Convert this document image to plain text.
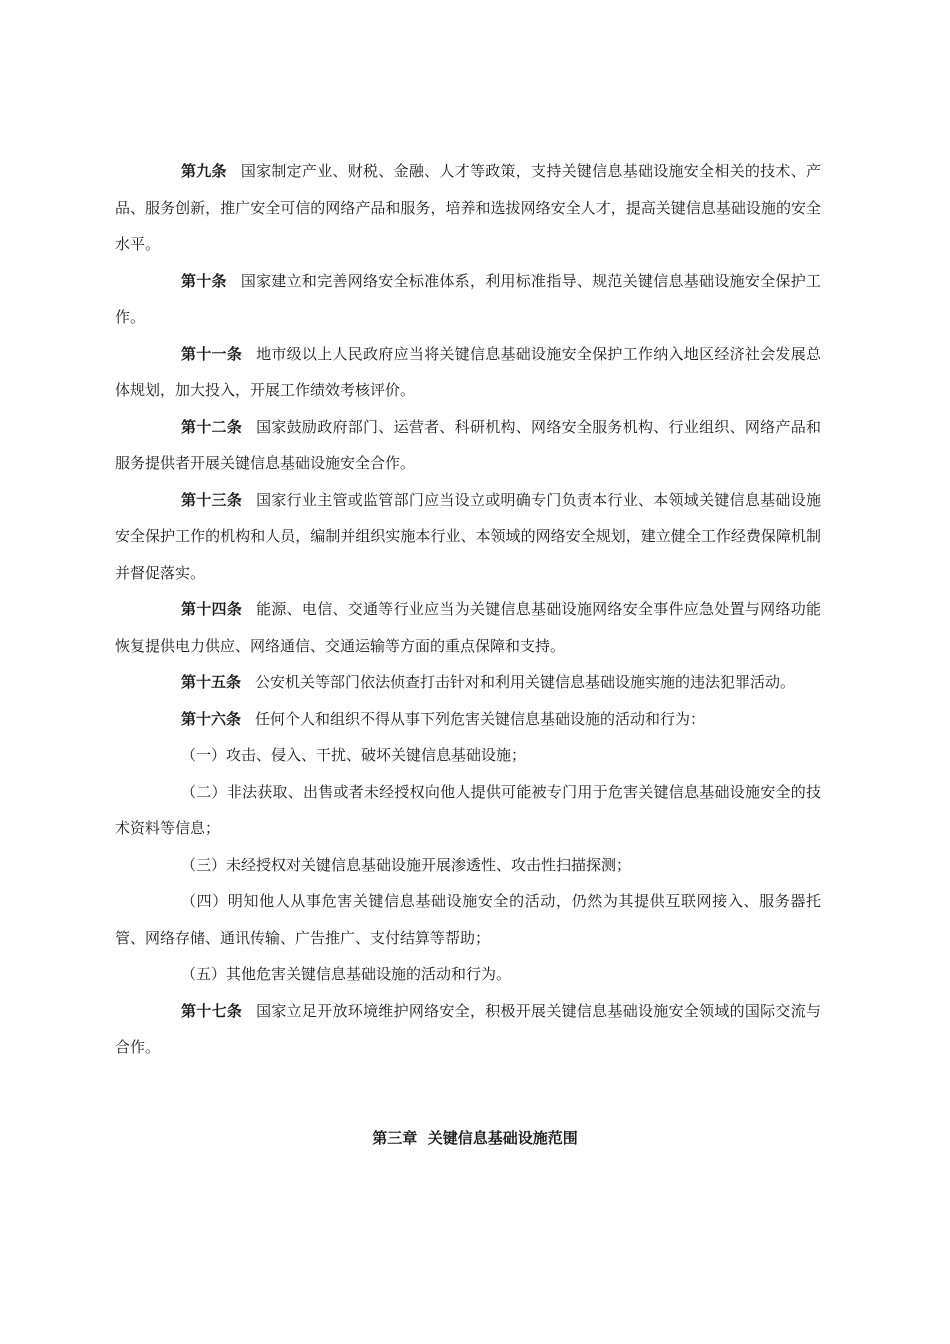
第九条 国家制定产业、财税、金融、人才等政策，支持关键信息基础设施安全相关的技术、产品、服务创新，推广安全可信的网络产品和服务，培养和选拔网络安全人才，提高关键信息基础设施的安全水平。

第十条 国家建立和完善网络安全标准体系，利用标准指导、规范关键信息基础设施安全保护工作。

第十一条 地市级以上人民政府应当将关键信息基础设施安全保护工作纳入地区经济社会发展总体规划，加大投入，开展工作绩效考核评价。

第十二条 国家鼓励政府部门、运营者、科研机构、网络安全服务机构、行业组织、网络产品和服务提供者开展关键信息基础设施安全合作。

第十三条 国家行业主管或监管部门应当设立或明确专门负责本行业、本领域关键信息基础设施安全保护工作的机构和人员，编制并组织实施本行业、本领域的网络安全规划，建立健全工作经费保障机制并督促落实。

第十四条 能源、电信、交通等行业应当为关键信息基础设施网络安全事件应急处置与网络功能恢复提供电力供应、网络通信、交通运输等方面的重点保障和支持。

第十五条 公安机关等部门依法侦查打击针对和利用关键信息基础设施实施的违法犯罪活动。

第十六条 任何个人和组织不得从事下列危害关键信息基础设施的活动和行为：

（一）攻击、侵入、干扰、破坏关键信息基础设施；

（二）非法获取、出售或者未经授权向他人提供可能被专门用于危害关键信息基础设施安全的技术资料等信息；

（三）未经授权对关键信息基础设施开展渗透性、攻击性扫描探测；

（四）明知他人从事危害关键信息基础设施安全的活动，仍然为其提供互联网接入、服务器托管、网络存储、通讯传输、广告推广、支付结算等帮助；

（五）其他危害关键信息基础设施的活动和行为。

第十七条 国家立足开放环境维护网络安全，积极开展关键信息基础设施安全领域的国际交流与合作。

第三章  关键信息基础设施范围
